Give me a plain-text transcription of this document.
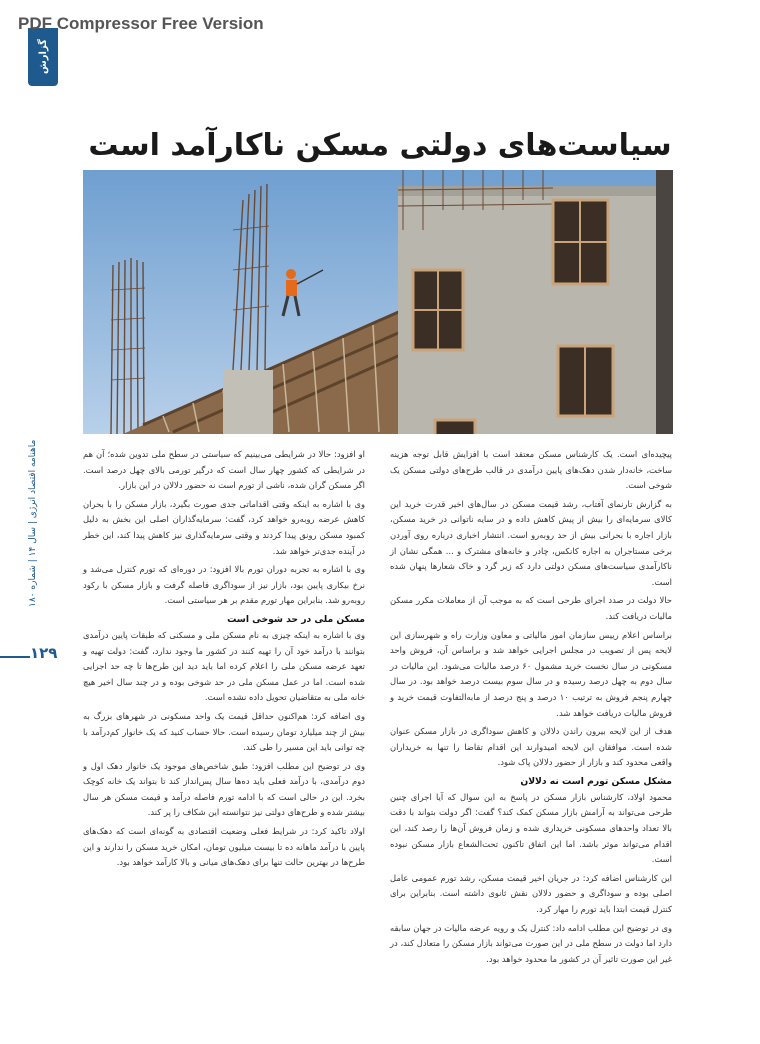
PDF Compressor Free Version
گزارش
سیاست‌های دولتی مسکن ناکارآمد است
ماهنامه اقتصاد انرژی | سال ۱۴ | شماره ۱۸۰
۱۲۹

پیچیده‌ای است. یک کارشناس مسکن معتقد است با افزایش قابل توجه هزینه ساخت، خانه‌دار شدن دهک‌های پایین درآمدی در قالب طرح‌های دولتی مسکن یک شوخی است.

به گزارش تارنمای آفتاب، رشد قیمت مسکن در سال‌های اخیر قدرت خرید این کالای سرمایه‌ای را بیش از پیش کاهش داده و در سایه ناتوانی در خرید مسکن، بازار اجاره با بحرانی بیش از حد روبه‌رو است. انتشار اخباری درباره روی آوردن برخی مستاجران به اجاره کانکس، چادر و خانه‌های مشترک و ... همگی نشان از ناکارآمدی سیاست‌های مسکن دولتی دارد که زیر گرد و خاک شعارها پنهان شده است.

حالا دولت در صدد اجرای طرحی است که به موجب آن از معاملات مکرر مسکن مالیات دریافت کند.

براساس اعلام رییس سازمان امور مالیاتی و معاون وزارت راه و شهرسازی این لایحه پس از تصویب در مجلس اجرایی خواهد شد و براساس آن، فروش واحد مسکونی در سال نخست خرید مشمول ۶۰ درصد مالیات می‌شود. این مالیات در سال دوم به چهل درصد رسیده و در سال سوم بیست درصد خواهد بود. در سال چهارم پنجم فروش به ترتیب ۱۰ درصد و پنج درصد از مابه‌التفاوت قیمت خرید و فروش مالیات دریافت خواهد شد.

هدف از این لایحه بیرون راندن دلالان و کاهش سوداگری در بازار مسکن عنوان شده است. موافقان این لایحه امیدوارند این اقدام تقاضا را تنها به خریداران واقعی محدود کند و بازار از حضور دلالان پاک شود.

مشکل مسکن تورم است نه دلالان

محمود اولاد، کارشناس بازار مسکن در پاسخ به این سوال که آیا اجرای چنین طرحی می‌تواند به آرامش بازار مسکن کمک کند؟ گفت: اگر دولت بتواند با دقت بالا تعداد واحدهای مسکونی خریداری شده و زمان فروش آن‌ها را رصد کند، این اقدام می‌تواند موثر باشد. اما این اتفاق تاکنون تحت‌الشعاع بازار مسکن نبوده است.

این کارشناس اضافه کرد: در جریان اخیر قیمت مسکن، رشد تورم عمومی عامل اصلی بوده و سوداگری و حضور دلالان نقش ثانوی داشته است. بنابراین برای کنترل قیمت ابتدا باید تورم را مهار کرد.

وی در توضیح این مطلب ادامه داد: کنترل یک و رویه عرضه مالیات در جهان سابقه دارد اما دولت در سطح ملی در این صورت می‌تواند بازار مسکن را متعادل کند، در غیر این صورت تاثیر آن در کشور ما محدود خواهد بود.

او افزود: حالا در شرایطی می‌بینیم که سیاستی در سطح ملی تدوین شده؛ آن هم در شرایطی که کشور چهار سال است که درگیر تورمی بالای چهل درصد است. اگر مسکن گران شده، ناشی از تورم است نه حضور دلالان در این بازار.

وی با اشاره به اینکه وقتی اقداماتی جدی صورت بگیرد، بازار مسکن را با بحران کاهش عرضه روبه‌رو خواهد کرد، گفت: سرمایه‌گذاران اصلی این بخش به دلیل کمبود مسکن رونق پیدا کردند و وقتی سرمایه‌گذاری نیز کاهش پیدا کند، این خطر در آینده جدی‌تر خواهد شد.

وی با اشاره به تجربه دوران تورم بالا افزود: در دوره‌ای که تورم کنترل می‌شد و نرخ بیکاری پایین بود، بازار نیز از سوداگری فاصله گرفت و بازار مسکن با رکود روبه‌رو شد. بنابراین مهار تورم مقدم بر هر سیاستی است.

مسکن ملی در حد شوخی است

وی با اشاره به اینکه چیزی به نام مسکن ملی و مسکنی که طبقات پایین درآمدی بتوانند با درآمد خود آن را تهیه کنند در کشور ما وجود ندارد، گفت: دولت تهیه و تعهد عرضه مسکن ملی را اعلام کرده اما باید دید این طرح‌ها تا چه حد اجرایی شده است. اما در عمل مسکن ملی در حد شوخی بوده و در چند سال اخیر هیچ خانه ملی به متقاضیان تحویل داده نشده است.

وی اضافه کرد: هم‌اکنون حداقل قیمت یک واحد مسکونی در شهرهای بزرگ به بیش از چند میلیارد تومان رسیده است. حالا حساب کنید که یک خانوار کم‌درآمد با چه توانی باید این مسیر را طی کند.

وی در توضیح این مطلب افزود: طبق شاخص‌های موجود یک خانوار دهک اول و دوم درآمدی، با درآمد فعلی باید ده‌ها سال پس‌انداز کند تا بتواند یک خانه کوچک بخرد. این در حالی است که با ادامه تورم فاصله درآمد و قیمت مسکن هر سال بیشتر شده و طرح‌های دولتی نیز نتوانسته این شکاف را پر کند.

اولاد تاکید کرد: در شرایط فعلی وضعیت اقتصادی به گونه‌ای است که دهک‌های پایین با درآمد ماهانه ده تا بیست میلیون تومان، امکان خرید مسکن را ندارند و این طرح‌ها در بهترین حالت تنها برای دهک‌های میانی و بالا کارآمد خواهد بود.
